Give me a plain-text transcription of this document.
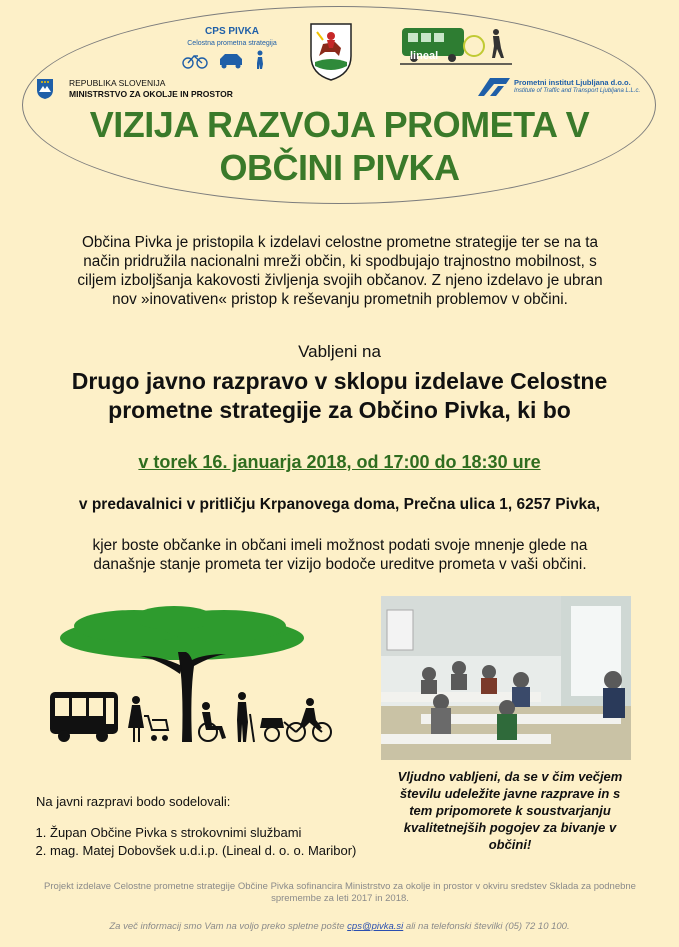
CPS PIVKA
Celostna prometna strategija
lineal
REPUBLIKA SLOVENIJA
MINISTRSTVO ZA OKOLJE IN PROSTOR
Prometni institut Ljubljana d.o.o.
Institute of Traffic and Transport Ljubljana L.L.c.
VIZIJA RAZVOJA PROMETA V
OBČINI PIVKA
Občina Pivka je pristopila k izdelavi celostne prometne strategije ter se na ta
način pridružila nacionalni mreži občin, ki spodbujajo trajnostno mobilnost, s
ciljem izboljšanja kakovosti življenja svojih občanov. Z njeno izdelavo je ubran
nov »inovativen« pristop k reševanju prometnih problemov v občini.
Vabljeni na
Drugo javno razpravo v sklopu izdelave Celostne
prometne strategije za Občino Pivka, ki bo
v torek 16. januarja 2018, od 17:00 do 18:30 ure
v predavalnici v pritličju Krpanovega doma, Prečna ulica 1, 6257 Pivka,
kjer boste občanke in občani imeli možnost podati svoje mnenje glede na
današnje stanje prometa ter vizijo bodoče ureditve prometa v vaši občini.
Na javni razpravi bodo sodelovali:
1. Župan Občine Pivka s strokovnimi službami
2. mag. Matej Dobovšek u.d.i.p. (Lineal d. o. o. Maribor)
Vljudno vabljeni, da se v čim večjem
številu udeležite javne razprave in s
tem pripomorete k soustvarjanju
kvalitetnejših pogojev za bivanje v
občini!
Projekt izdelave Celostne prometne strategije Občine Pivka sofinancira Ministrstvo za okolje in prostor v okviru sredstev Sklada za podnebne
spremembe za leti 2017 in 2018.
Za več informacij smo Vam na voljo preko spletne pošte cps@pivka.si ali na telefonski številki (05) 72 10 100.
